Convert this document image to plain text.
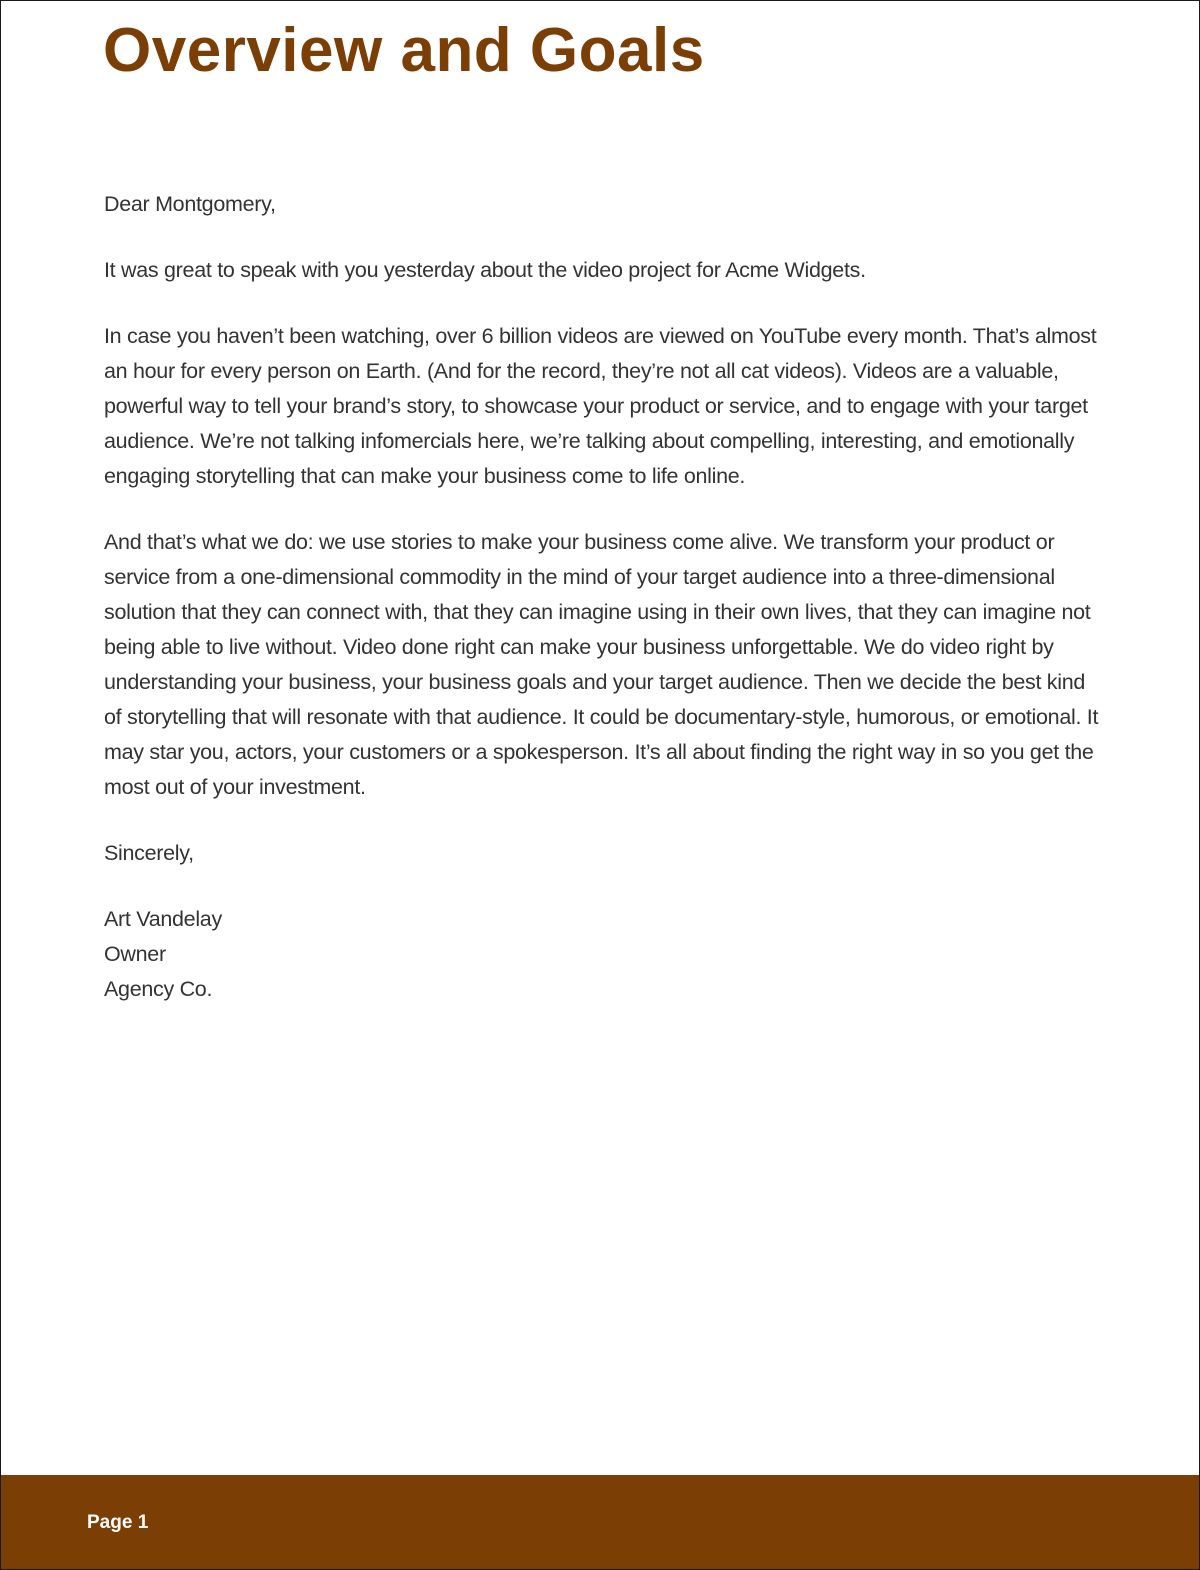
Overview and Goals

Dear Montgomery,

It was great to speak with you yesterday about the video project for Acme Widgets.

In case you haven’t been watching, over 6 billion videos are viewed on YouTube every month. That’s almost an hour for every person on Earth. (And for the record, they’re not all cat videos). Videos are a valuable, powerful way to tell your brand’s story, to showcase your product or service, and to engage with your target audience. We’re not talking infomercials here, we’re talking about compelling, interesting, and emotionally engaging storytelling that can make your business come to life online.

And that’s what we do: we use stories to make your business come alive. We transform your product or service from a one-dimensional commodity in the mind of your target audience into a three-dimensional solution that they can connect with, that they can imagine using in their own lives, that they can imagine not being able to live without. Video done right can make your business unforgettable. We do video right by understanding your business, your business goals and your target audience. Then we decide the best kind of storytelling that will resonate with that audience. It could be documentary-style, humorous, or emotional. It may star you, actors, your customers or a spokesperson. It’s all about finding the right way in so you get the most out of your investment.

Sincerely,

Art Vandelay
Owner
Agency Co.

Page 1
